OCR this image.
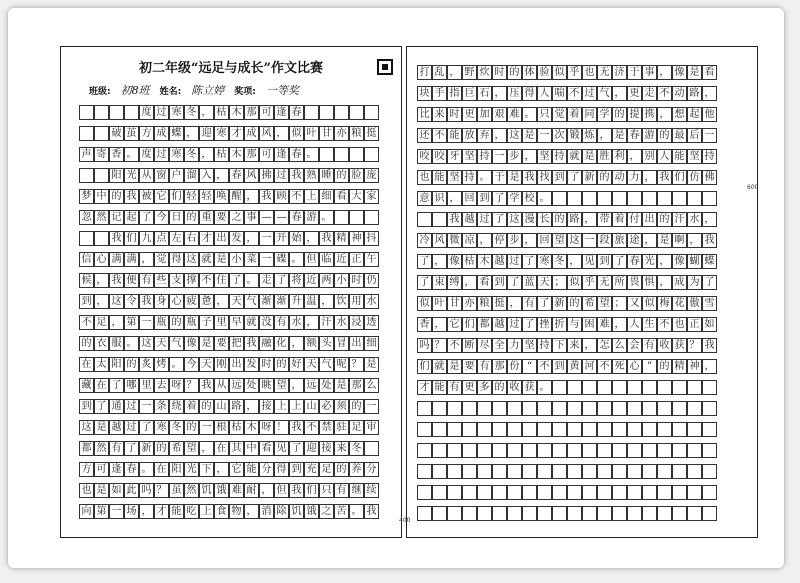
初二年级“远足与成长”作文比赛
班级: 初8班 姓名: 陈立婷 奖项: 一等奖
度 过 寒 冬 ， 枯 木 那 可 逢 春
破 茧 方 成 蝶 ， 迎 寒 才 成 风 ， 似 叶 甘 亦 粮 挺
声 寄 香 。 度 过 寒 冬 ， 枯 木 那 可 逢 春 。
阳 光 从 窗 户 溜 入 ， 春 风 拂 过 我 熟 睡 的 脸 庞
梦 中 的 我 被 它 们 轻 轻 唤 醒 ， 我 顾 不 上 细 看 大 家
忽 然 记 起 了 今 日 的 重 要 之 事 — — 春 游 。
我 们 九 点 左 右 才 出 发 ， 一 开 始 ， 我 精 神 抖
信 心 满 满 ， 觉 得 这 就 是 小 菜 一 碟 。 但 临 近 正 午
候 ， 我 便 有 些 支 撑 不 住 了 。 走 了 将 近 两 小 时 仍
到 ， 这 令 我 身 心 疲 惫 ， 天 气 渐 渐 升 温 ， 饮 用 水
不 足 ， 第 一 瓶 的 瓶 子 里 早 就 没 有 水 ， 汗 水 浸 透
的 衣 服 。 这 天 气 像 是 要 把 我 融 化 ， 额 头 冒 出 细
在 太 阳 的 炙 烤 。 今 天 刚 出 发 时 的 好 天 气 呢 ？ 是
藏 在 了 哪 里 去 呀 ？ 我 从 远 处 眺 望 ， 远 处 是 那 么
到 了 通 过 一 条 绕 着 的 山 路 ， 接 上 上 山 必 须 的 一
这 是 越 过 了 寒 冬 的 一 根 枯 木 呀 ！ 我 不 禁 驻 足 审
都 然 有 了 新 的 希 望 ， 在 其 中 看 见 了 迎 接 来 冬
方 可 逢 春 。 在 阳 光 下 ， 它 能 分 得 到 充 足 的 养 分
也 是 如 此 吗 ？ 虽 然 饥 饿 难 耐 ， 但 我 们 只 有 继 续
向 第 一 场 ， 才 能 吃 上 食 物 ， 消 除 饥 饿 之 苦 。 我
400
打 乱 ， 野 炊 时 的 体 验 似 乎 也 无 济 于 事 ， 像 是 看
块 手 指 巨 石 ， 压 得 人 喘 不 过 气 ， 更 走 不 动 路 ，
比 来 时 更 加 艰 难 。 只 觉 着 同 学 的 提 携 ， 想 起 他
还 不 能 放 弃 ， 这 是 一 次 锻 炼 ， 是 春 游 的 最 后 一
咬 咬 牙 坚 持 一 步 ， 坚 持 就 是 胜 利 ， 别 人 能 坚 持
也 能 坚 持 。 于 是 我 找 到 了 新 的 动 力 ， 我 们 仿 佛
意 识 ， 回 到 了 学 校 。
我 越 过 了 这 漫 长 的 路 ， 带 着 付 出 的 汗 水 ，
冷 风 微 凉 ， 停 步 ， 回 望 这 一 段 旅 途 ， 是 啊 ， 我
了 ， 像 枯 木 越 过 了 寒 冬 ， 见 到 了 春 光 ， 像 蝴 蝶
了 束 缚 ， 看 到 了 蓝 天 ； 似 乎 无 所 畏 惧 ， 成 为 了
似 叶 甘 亦 粮 挺 ， 有 了 新 的 希 望 ； 又 似 梅 花 傲 雪
香 ， 它 们 都 越 过 了 挫 折 与 困 难 ， 人 生 不 也 正 如
吗 ？ 不 断 尽 全 力 坚 持 下 来 ， 怎 么 会 有 收 获 ？ 我
们 就 是 要 有 那 份 “ 不 到 黄 河 不 死 心 ” 的 精 神 ，
才 能 有 更 多 的 收 获 。
600
